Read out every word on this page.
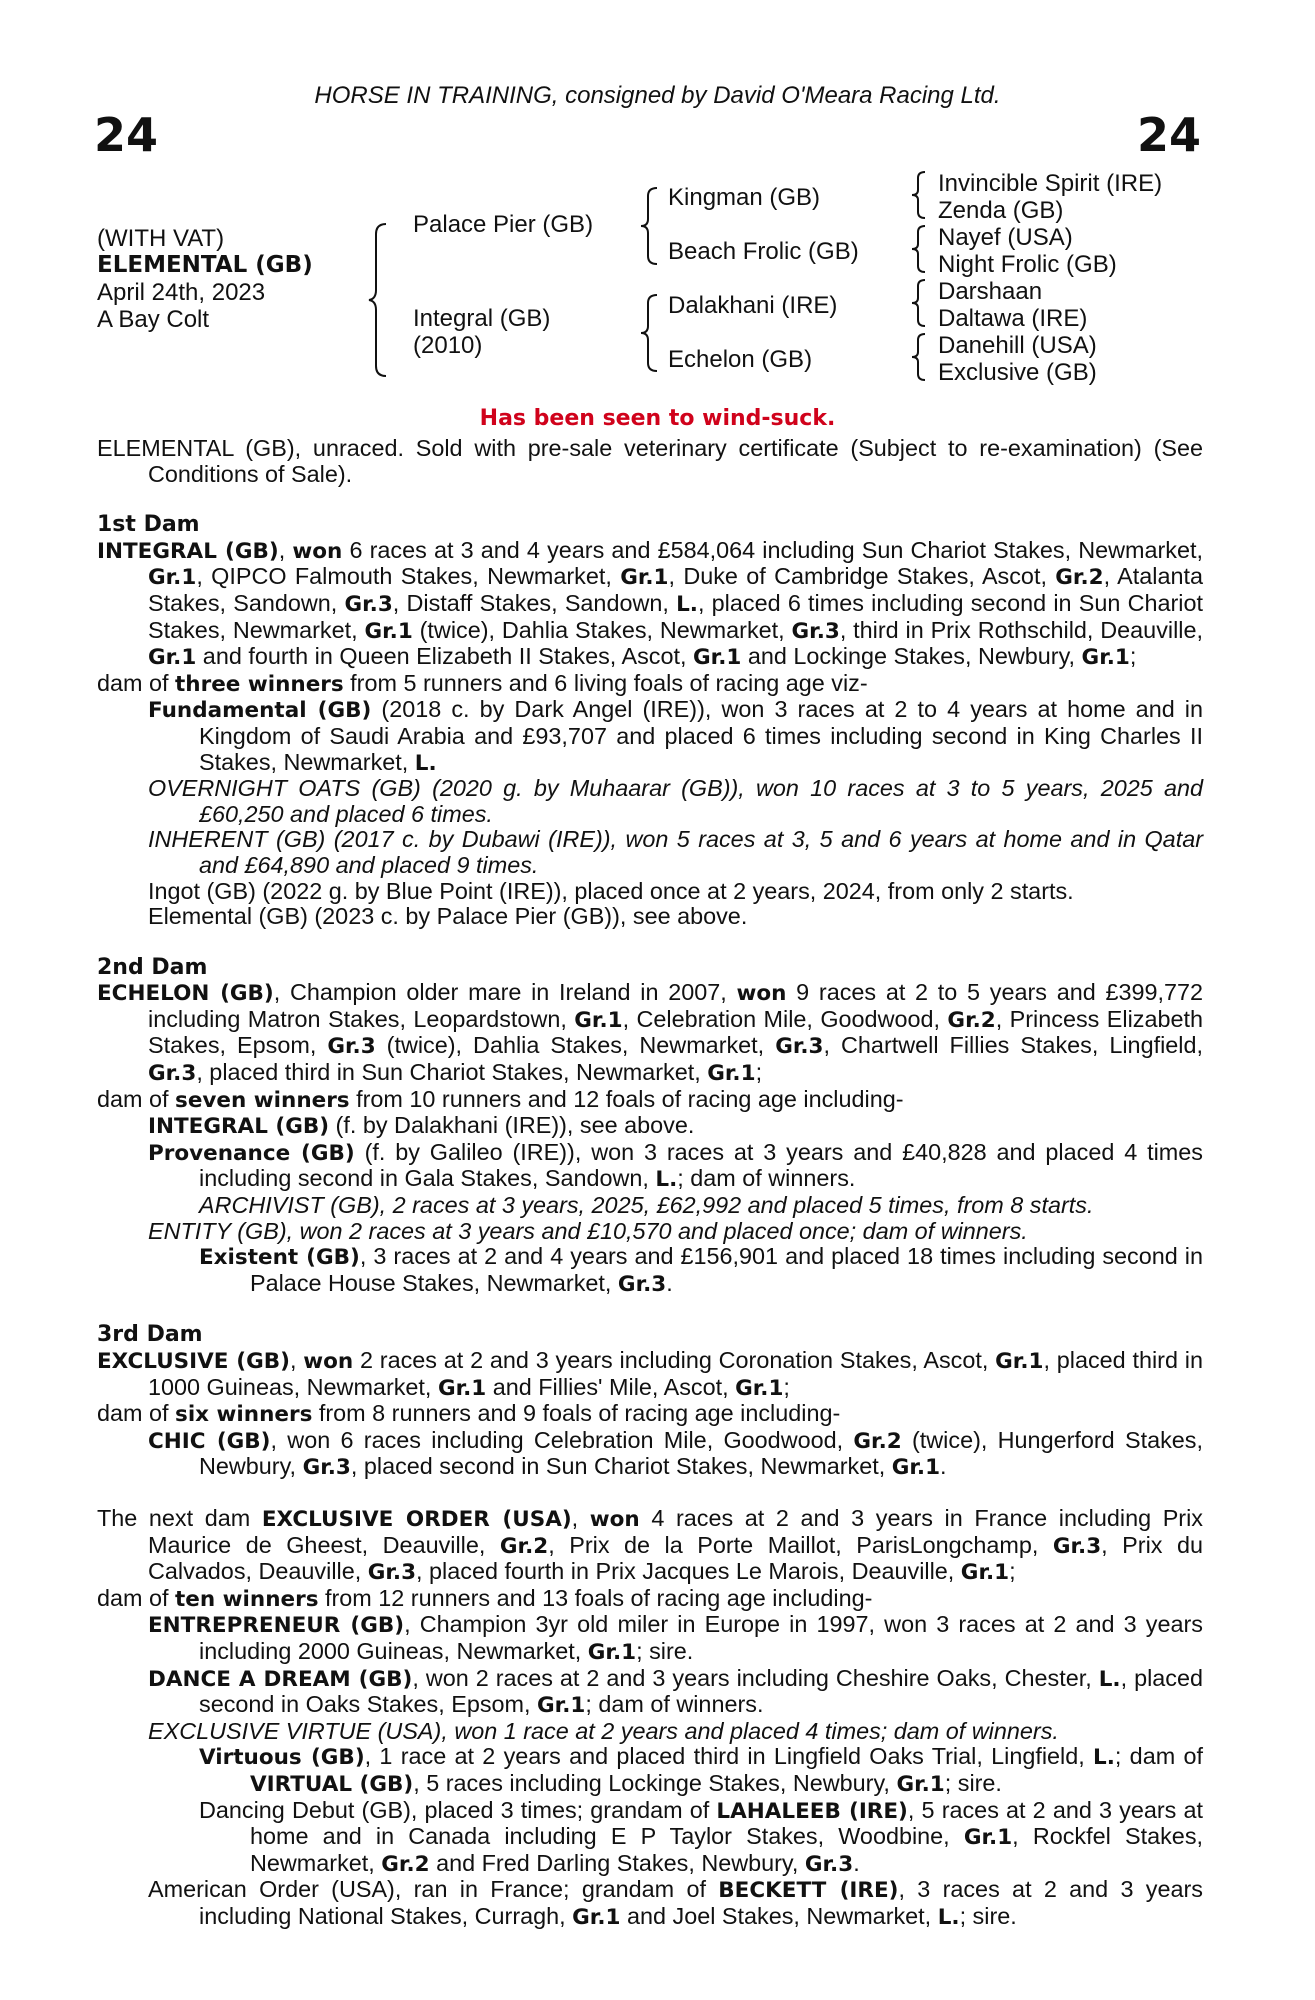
HORSE IN TRAINING, consigned by David O'Meara Racing Ltd.
24	24
(WITH VAT)
ELEMENTAL (GB)
April 24th, 2023
A Bay Colt
Palace Pier (GB)
Integral (GB)
(2010)
Kingman (GB)
Beach Frolic (GB)
Dalakhani (IRE)
Echelon (GB)
Invincible Spirit (IRE)
Zenda (GB)
Nayef (USA)
Night Frolic (GB)
Darshaan
Daltawa (IRE)
Danehill (USA)
Exclusive (GB)
Has been seen to wind-suck.

ELEMENTAL (GB), unraced. Sold with pre-sale veterinary certificate (Subject to re-examination) (See Conditions of Sale).

1st Dam

INTEGRAL (GB), won 6 races at 3 and 4 years and £584,064 including Sun Chariot Stakes, Newmarket, Gr.1, QIPCO Falmouth Stakes, Newmarket, Gr.1, Duke of Cambridge Stakes, Ascot, Gr.2, Atalanta Stakes, Sandown, Gr.3, Distaff Stakes, Sandown, L., placed 6 times including second in Sun Chariot Stakes, Newmarket, Gr.1 (twice), Dahlia Stakes, Newmarket, Gr.3, third in Prix Rothschild, Deauville, Gr.1 and fourth in Queen Elizabeth II Stakes, Ascot, Gr.1 and Lockinge Stakes, Newbury, Gr.1;

dam of three winners from 5 runners and 6 living foals of racing age viz-

Fundamental (GB) (2018 c. by Dark Angel (IRE)), won 3 races at 2 to 4 years at home and in Kingdom of Saudi Arabia and £93,707 and placed 6 times including second in King Charles II Stakes, Newmarket, L.

OVERNIGHT OATS (GB) (2020 g. by Muhaarar (GB)), won 10 races at 3 to 5 years, 2025 and £60,250 and placed 6 times.

INHERENT (GB) (2017 c. by Dubawi (IRE)), won 5 races at 3, 5 and 6 years at home and in Qatar and £64,890 and placed 9 times.

Ingot (GB) (2022 g. by Blue Point (IRE)), placed once at 2 years, 2024, from only 2 starts.

Elemental (GB) (2023 c. by Palace Pier (GB)), see above.

2nd Dam

ECHELON (GB), Champion older mare in Ireland in 2007, won 9 races at 2 to 5 years and £399,772 including Matron Stakes, Leopardstown, Gr.1, Celebration Mile, Goodwood, Gr.2, Princess Elizabeth Stakes, Epsom, Gr.3 (twice), Dahlia Stakes, Newmarket, Gr.3, Chartwell Fillies Stakes, Lingfield, Gr.3, placed third in Sun Chariot Stakes, Newmarket, Gr.1;

dam of seven winners from 10 runners and 12 foals of racing age including-

INTEGRAL (GB) (f. by Dalakhani (IRE)), see above.

Provenance (GB) (f. by Galileo (IRE)), won 3 races at 3 years and £40,828 and placed 4 times including second in Gala Stakes, Sandown, L.; dam of winners.

ARCHIVIST (GB), 2 races at 3 years, 2025, £62,992 and placed 5 times, from 8 starts.

ENTITY (GB), won 2 races at 3 years and £10,570 and placed once; dam of winners.

Existent (GB), 3 races at 2 and 4 years and £156,901 and placed 18 times including second in Palace House Stakes, Newmarket, Gr.3.

3rd Dam

EXCLUSIVE (GB), won 2 races at 2 and 3 years including Coronation Stakes, Ascot, Gr.1, placed third in 1000 Guineas, Newmarket, Gr.1 and Fillies' Mile, Ascot, Gr.1;

dam of six winners from 8 runners and 9 foals of racing age including-

CHIC (GB), won 6 races including Celebration Mile, Goodwood, Gr.2 (twice), Hungerford Stakes, Newbury, Gr.3, placed second in Sun Chariot Stakes, Newmarket, Gr.1.

The next dam EXCLUSIVE ORDER (USA), won 4 races at 2 and 3 years in France including Prix Maurice de Gheest, Deauville, Gr.2, Prix de la Porte Maillot, ParisLongchamp, Gr.3, Prix du Calvados, Deauville, Gr.3, placed fourth in Prix Jacques Le Marois, Deauville, Gr.1;

dam of ten winners from 12 runners and 13 foals of racing age including-

ENTREPRENEUR (GB), Champion 3yr old miler in Europe in 1997, won 3 races at 2 and 3 years including 2000 Guineas, Newmarket, Gr.1; sire.

DANCE A DREAM (GB), won 2 races at 2 and 3 years including Cheshire Oaks, Chester, L., placed second in Oaks Stakes, Epsom, Gr.1; dam of winners.

EXCLUSIVE VIRTUE (USA), won 1 race at 2 years and placed 4 times; dam of winners.

Virtuous (GB), 1 race at 2 years and placed third in Lingfield Oaks Trial, Lingfield, L.; dam of VIRTUAL (GB), 5 races including Lockinge Stakes, Newbury, Gr.1; sire.

Dancing Debut (GB), placed 3 times; grandam of LAHALEEB (IRE), 5 races at 2 and 3 years at home and in Canada including E P Taylor Stakes, Woodbine, Gr.1, Rockfel Stakes, Newmarket, Gr.2 and Fred Darling Stakes, Newbury, Gr.3.

American Order (USA), ran in France; grandam of BECKETT (IRE), 3 races at 2 and 3 years including National Stakes, Curragh, Gr.1 and Joel Stakes, Newmarket, L.; sire.
